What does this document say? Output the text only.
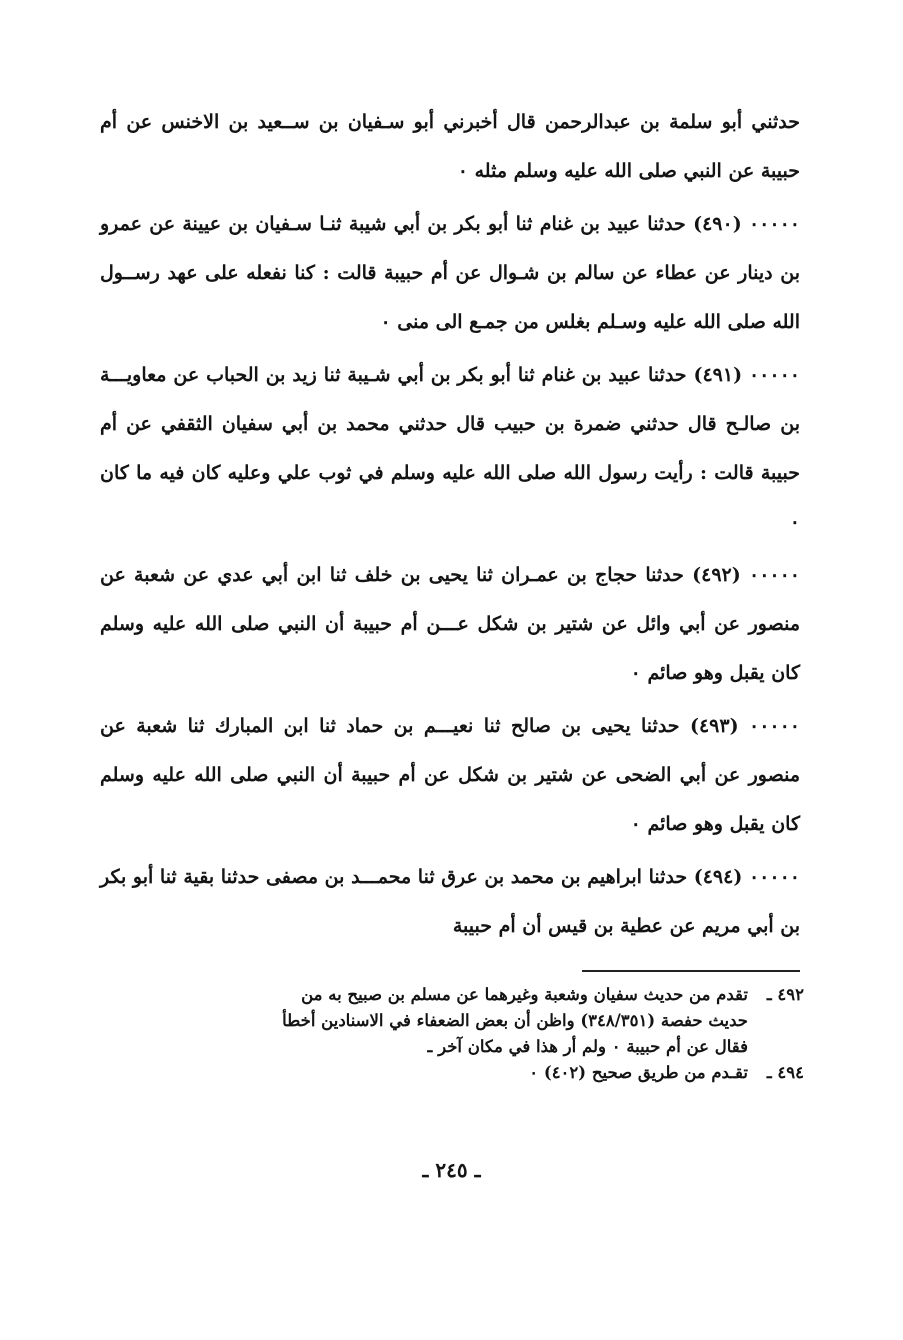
حدثني أبو سلمة بن عبدالرحمن قال أخبرني أبو سـفيان بن ســعيد بن الاخنس عن أم حبيبة عن النبي صلى الله عليه وسلم مثله ٠

٠٠٠٠٠ (٤٩٠) حدثنا عبيد بن غنام ثنا أبو بكر بن أبي شيبة ثنـا سـفيان بن عيينة عن عمرو بن دينار عن عطاء عن سالم بن شـوال عن أم حبيبة قالت : كنا نفعله على عهد رســول الله صلى الله عليه وسـلم بغلس من جمـع الى منى ٠

٠٠٠٠٠ (٤٩١) حدثنا عبيد بن غنام ثنا أبو بكر بن أبي شـيبة ثنا زيد بن الحباب عن معاويـــة بن صالـح قال حدثني ضمرة بن حبيب قال حدثني محمد بن أبي سفيان الثقفي عن أم حبيبة قالت : رأيت رسول الله صلى الله عليه وسلم في ثوب علي وعليه كان فيه ما كان ٠

٠٠٠٠٠ (٤٩٢) حدثنا حجاج بن عمـران ثنا يحيى بن خلف ثنا ابن أبي عدي عن شعبة عن منصور عن أبي وائل عن شتير بن شكل عـــن أم حبيبة أن النبي صلى الله عليه وسلم كان يقبل وهو صائم ٠

٠٠٠٠٠ (٤٩٣) حدثنا يحيى بن صالح ثنا نعيـــم بن حماد ثنا ابن المبارك ثنا شعبة عن منصور عن أبي الضحى عن شتير بن شكل عن أم حبيبة أن النبي صلى الله عليه وسلم كان يقبل وهو صائم ٠

٠٠٠٠٠ (٤٩٤) حدثنا ابراهيم بن محمد بن عرق ثنا محمـــد بن مصفى حدثنا بقية ثنا أبو بكر بن أبي مريم عن عطية بن قيس أن أم حبيبة

٤٩٢ ـتقدم من حديث سفيان وشعبة وغيرهما عن مسلم بن صبيح به من

حديث حفصة (٣٤٨/٣٥١) واظن أن بعض الضعفاء في الاسنادين أخطأ

فقال عن أم حبيبة ٠ ولم أر هذا في مكان آخر ـ

٤٩٤ ـتقـدم من طريق صحيح (٤٠٢) ٠

ـ ٢٤٥ ـ
